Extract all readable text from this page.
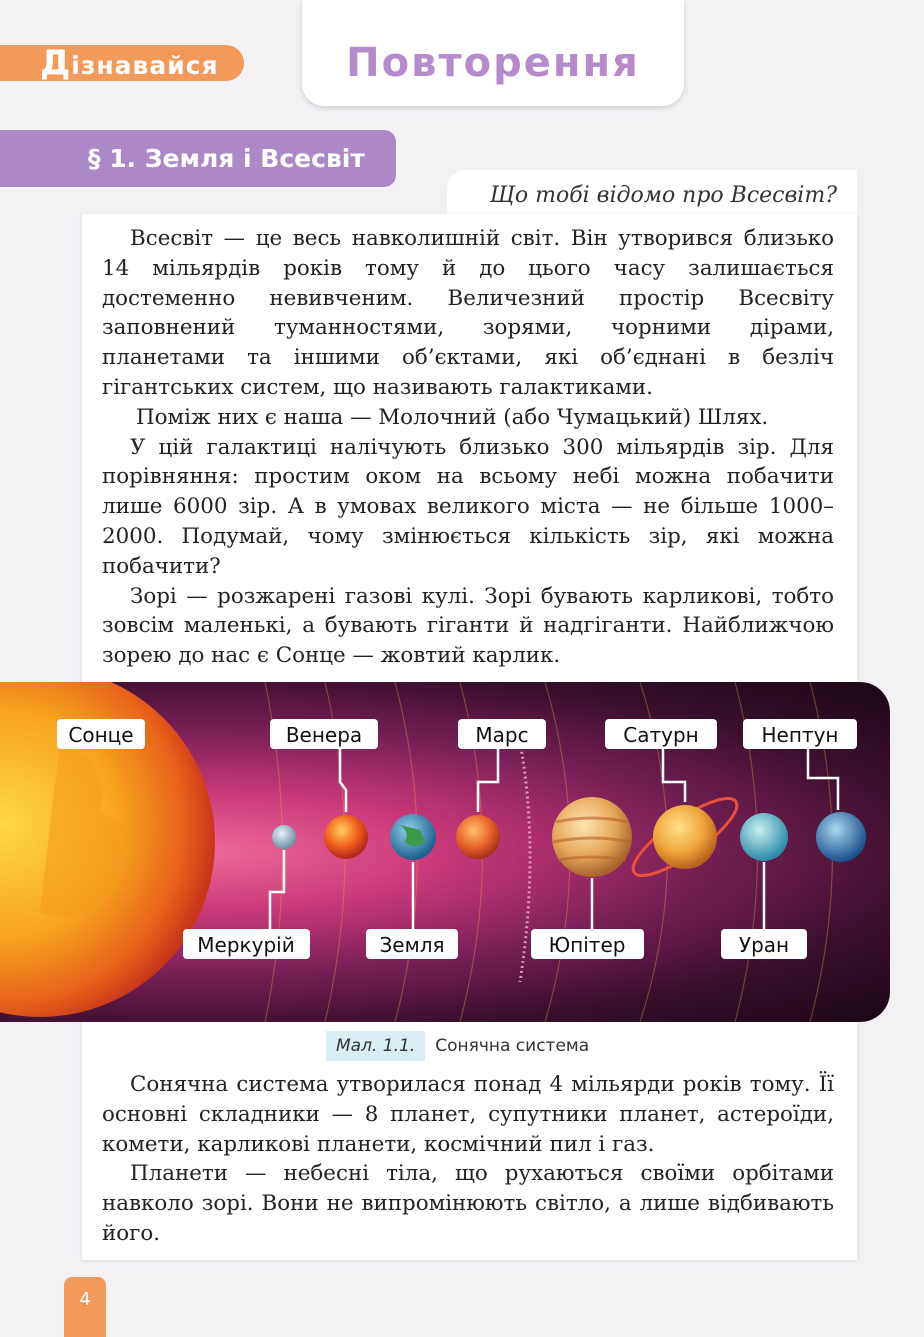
Дізнавайся	Повторення
§ 1. Земля і Всесвіт
Що тобі відомо про Всесвіт?

Всесвіт — це весь навколишній світ. Він утворився близько 14 мільярдів років тому й до цього часу залишається достеменно невивченим. Величезний простір Всесвіту заповнений туманностями, зорями, чорними дірами, планетами та іншими об’єктами, які об’єднані в безліч гігантських систем, що називають галактиками.

Поміж них є наша — Молочний (або Чумацький) Шлях.

У цій галактиці налічують близько 300 мільярдів зір. Для порівняння: простим оком на всьому небі можна побачити лише 6000 зір. А в умовах великого міста — не більше 1000–2000. Подумай, чому змінюється кількість зір, які можна побачити?

Зорі — розжарені газові кулі. Зорі бувають карликові, тобто зовсім маленькі, а бувають гіганти й надгіганти. Найближчою зорею до нас є Сонце — жовтий карлик.

Сонце	Венера	Марс	Сатурн	Нептун
Меркурій	Земля	Юпітер	Уран
Мал. 1.1. Сонячна система

Сонячна система утворилася понад 4 мільярди років тому. Її основні складники — 8 планет, супутники планет, астероїди, комети, карликові планети, космічний пил і газ.

Планети — небесні тіла, що рухаються своїми орбітами навколо зорі. Вони не випромінюють світло, а лише відбивають його.

4
